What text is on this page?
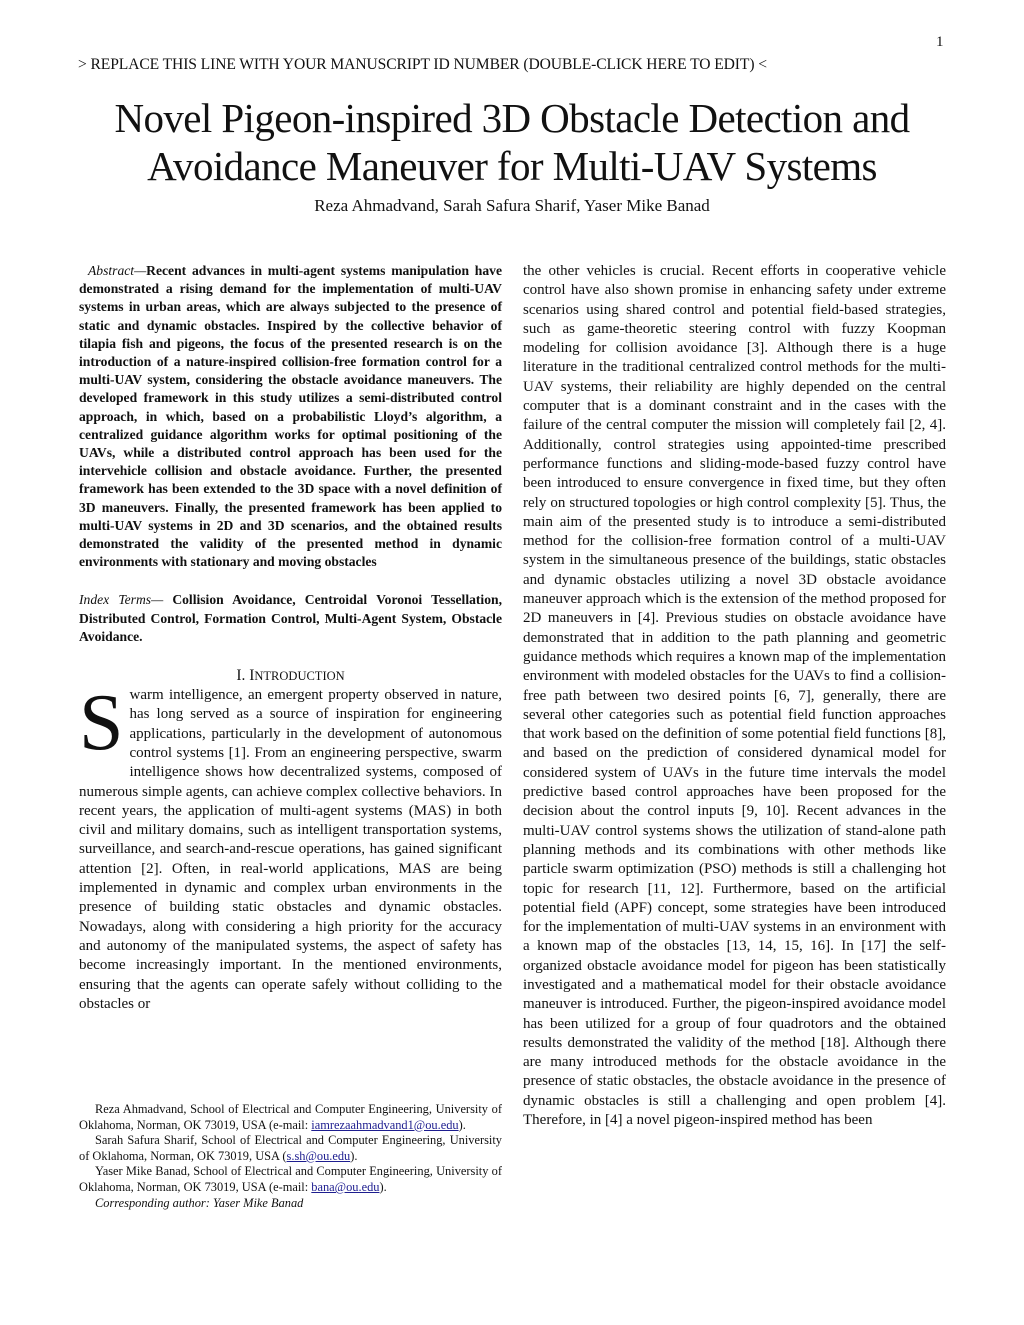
1
> REPLACE THIS LINE WITH YOUR MANUSCRIPT ID NUMBER (DOUBLE-CLICK HERE TO EDIT) <
Novel Pigeon-inspired 3D Obstacle Detection and
Avoidance Maneuver for Multi-UAV Systems
Reza Ahmadvand, Sarah Safura Sharif, Yaser Mike Banad

Abstract—Recent advances in multi-agent systems manipulation have demonstrated a rising demand for the implementation of multi-UAV systems in urban areas, which are always subjected to the presence of static and dynamic obstacles. Inspired by the collective behavior of tilapia fish and pigeons, the focus of the presented research is on the introduction of a nature-inspired collision-free formation control for a multi-UAV system, considering the obstacle avoidance maneuvers. The developed framework in this study utilizes a semi-distributed control approach, in which, based on a probabilistic Lloyd’s algorithm, a centralized guidance algorithm works for optimal positioning of the UAVs, while a distributed control approach has been used for the intervehicle collision and obstacle avoidance. Further, the presented framework has been extended to the 3D space with a novel definition of 3D maneuvers. Finally, the presented framework has been applied to multi-UAV systems in 2D and 3D scenarios, and the obtained results demonstrated the validity of the presented method in dynamic environments with stationary and moving obstacles

Index Terms— Collision Avoidance, Centroidal Voronoi Tessellation, Distributed Control, Formation Control, Multi-Agent System, Obstacle Avoidance.

I. INTRODUCTION

Swarm intelligence, an emergent property observed in nature, has long served as a source of inspiration for engineering applications, particularly in the development of autonomous control systems [1]. From an engineering perspective, swarm intelligence shows how decentralized systems, composed of numerous simple agents, can achieve complex collective behaviors. In recent years, the application of multi-agent systems (MAS) in both civil and military domains, such as intelligent transportation systems, surveillance, and search-and-rescue operations, has gained significant attention [2]. Often, in real-world applications, MAS are being implemented in dynamic and complex urban environments in the presence of building static obstacles and dynamic obstacles. Nowadays, along with considering a high priority for the accuracy and autonomy of the manipulated systems, the aspect of safety has become increasingly important. In the mentioned environments, ensuring that the agents can operate safely without colliding to the obstacles or

Reza Ahmadvand, School of Electrical and Computer Engineering, University of Oklahoma, Norman, OK 73019, USA (e-mail: iamrezaahmadvand1@ou.edu).

Sarah Safura Sharif, School of Electrical and Computer Engineering, University of Oklahoma, Norman, OK 73019, USA (s.sh@ou.edu).

Yaser Mike Banad, School of Electrical and Computer Engineering, University of Oklahoma, Norman, OK 73019, USA (e-mail: bana@ou.edu).

Corresponding author: Yaser Mike Banad

the other vehicles is crucial. Recent efforts in cooperative vehicle control have also shown promise in enhancing safety under extreme scenarios using shared control and potential field-based strategies, such as game-theoretic steering control with fuzzy Koopman modeling for collision avoidance [3]. Although there is a huge literature in the traditional centralized control methods for the multi-UAV systems, their reliability are highly depended on the central computer that is a dominant constraint and in the cases with the failure of the central computer the mission will completely fail [2, 4]. Additionally, control strategies using appointed-time prescribed performance functions and sliding-mode-based fuzzy control have been introduced to ensure convergence in fixed time, but they often rely on structured topologies or high control complexity [5]. Thus, the main aim of the presented study is to introduce a semi-distributed method for the collision-free formation control of a multi-UAV system in the simultaneous presence of the buildings, static obstacles and dynamic obstacles utilizing a novel 3D obstacle avoidance maneuver approach which is the extension of the method proposed for 2D maneuvers in [4]. Previous studies on obstacle avoidance have demonstrated that in addition to the path planning and geometric guidance methods which requires a known map of the implementation environment with modeled obstacles for the UAVs to find a collision-free path between two desired points [6, 7], generally, there are several other categories such as potential field function approaches that work based on the definition of some potential field functions [8], and based on the prediction of considered dynamical model for considered system of UAVs in the future time intervals the model predictive based control approaches have been proposed for the decision about the control inputs [9, 10]. Recent advances in the multi-UAV control systems shows the utilization of stand-alone path planning methods and its combinations with other methods like particle swarm optimization (PSO) methods is still a challenging hot topic for research [11, 12]. Furthermore, based on the artificial potential field (APF) concept, some strategies have been introduced for the implementation of multi-UAV systems in an environment with a known map of the obstacles [13, 14, 15, 16]. In [17] the self-organized obstacle avoidance model for pigeon has been statistically investigated and a mathematical model for their obstacle avoidance maneuver is introduced. Further, the pigeon-inspired avoidance model has been utilized for a group of four quadrotors and the obtained results demonstrated the validity of the method [18]. Although there are many introduced methods for the obstacle avoidance in the presence of static obstacles, the obstacle avoidance in the presence of dynamic obstacles is still a challenging and open problem [4]. Therefore, in [4] a novel pigeon-inspired method has been
